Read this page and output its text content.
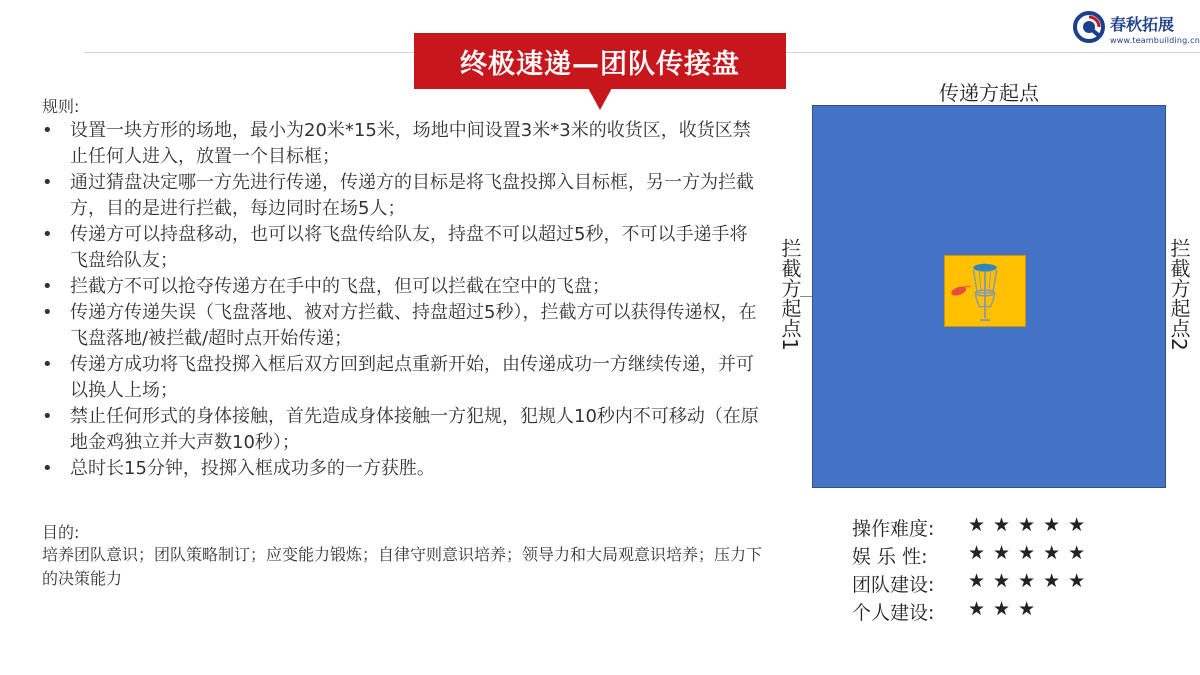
春秋拓展
www.teambuilding.cn
终极速递—团队传接盘
规则:
• 设置一块方形的场地，最小为20米*15米，场地中间设置3米*3米的收货区，收货区禁止任何人进入，放置一个目标框；
• 通过猜盘决定哪一方先进行传递，传递方的目标是将飞盘投掷入目标框，另一方为拦截方，目的是进行拦截，每边同时在场5人；
• 传递方可以持盘移动，也可以将飞盘传给队友，持盘不可以超过5秒，不可以手递手将飞盘给队友；
• 拦截方不可以抢夺传递方在手中的飞盘，但可以拦截在空中的飞盘；
• 传递方传递失误（飞盘落地、被对方拦截、持盘超过5秒），拦截方可以获得传递权，在飞盘落地/被拦截/超时点开始传递；
• 传递方成功将飞盘投掷入框后双方回到起点重新开始，由传递成功一方继续传递，并可以换人上场；
• 禁止任何形式的身体接触，首先造成身体接触一方犯规，犯规人10秒内不可移动（在原地金鸡独立并大声数10秒）；
• 总时长15分钟，投掷入框成功多的一方获胜。
目的:
培养团队意识；团队策略制订；应变能力锻炼；自律守则意识培养；领导力和大局观意识培养；压力下的决策能力
传递方起点
拦截方起点1	拦截方起点2
操作难度: ★★★★★
娱 乐 性: ★★★★★
团队建设: ★★★★★
个人建设: ★★★
